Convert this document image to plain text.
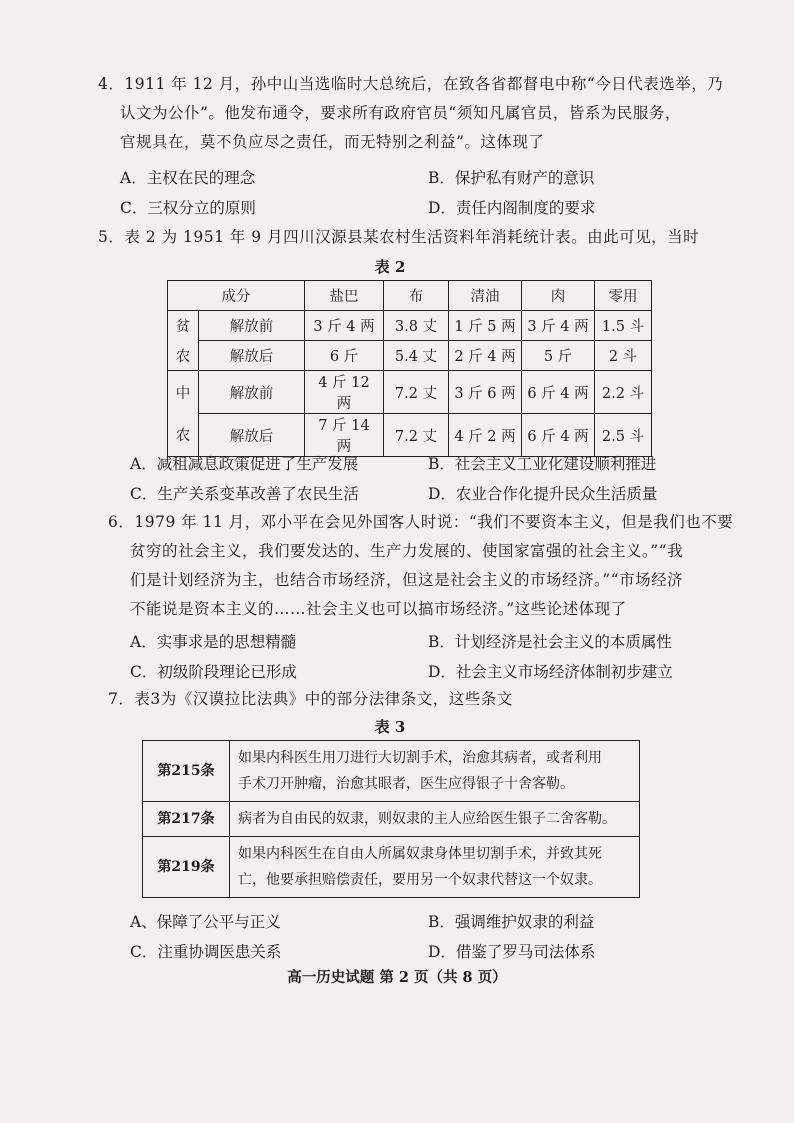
4．1911 年 12 月，孙中山当选临时大总统后，在致各省都督电中称“今日代表选举，乃
认文为公仆”。他发布通令，要求所有政府官员“须知凡属官员，皆系为民服务，
官规具在，莫不负应尽之责任，而无特别之利益”。这体现了
A．主权在民的理念	B．保护私有财产的意识
C．三权分立的原则	D．责任内阁制度的要求
5．表 2 为 1951 年 9 月四川汉源县某农村生活资料年消耗统计表。由此可见，当时
表 2
成分		盐巴	布	清油	肉	零用
贫	解放前	3 斤 4 两	3.8 丈	1 斤 5 两	3 斤 4 两	1.5 斗
农	解放后	6 斤	5.4 丈	2 斤 4 两	5 斤	2 斗
中	解放前	4 斤 12 两	7.2 丈	3 斤 6 两	6 斤 4 两	2.2 斗
农	解放后	7 斤 14 两	7.2 丈	4 斤 2 两	6 斤 4 两	2.5 斗
A．减租减息政策促进了生产发展	B．社会主义工业化建设顺利推进
C．生产关系变革改善了农民生活	D．农业合作化提升民众生活质量
6．1979 年 11 月，邓小平在会见外国客人时说：“我们不要资本主义，但是我们也不要
贫穷的社会主义，我们要发达的、生产力发展的、使国家富强的社会主义。”“我
们是计划经济为主，也结合市场经济，但这是社会主义的市场经济。”“市场经济
不能说是资本主义的……社会主义也可以搞市场经济。”这些论述体现了
A．实事求是的思想精髓	B．计划经济是社会主义的本质属性
C．初级阶段理论已形成	D．社会主义市场经济体制初步建立
7．表3为《汉谟拉比法典》中的部分法律条文，这些条文
表 3
第215条	如果内科医生用刀进行大切割手术，治愈其病者，或者利用
手术刀开肿瘤，治愈其眼者，医生应得银子十舍客勒。

第217条	病者为自由民的奴隶，则奴隶的主人应给医生银子二舍客勒。

第219条	如果内科医生在自由人所属奴隶身体里切割手术，并致其死
亡，他要承担赔偿责任，要用另一个奴隶代替这一个奴隶。
A、保障了公平与正义	B．强调维护奴隶的利益
C．注重协调医患关系	D．借鉴了罗马司法体系
高一历史试题 第 2 页（共 8 页）
